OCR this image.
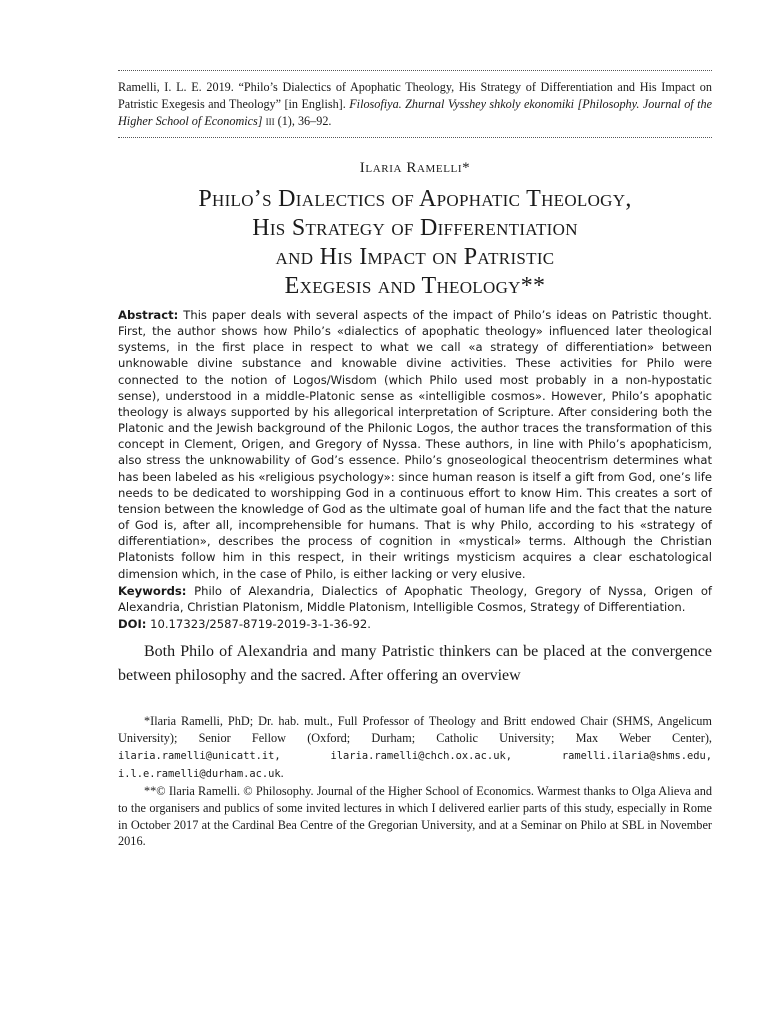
Ramelli, I. L. E. 2019. “Philo’s Dialectics of Apophatic Theology, His Strategy of Differentiation and His Impact on Patristic Exegesis and Theology” [in English]. Filosofiya. Zhurnal Vysshey shkoly ekonomiki [Philosophy. Journal of the Higher School of Economics] iii (1), 36–92.
Ilaria Ramelli*
Philo’s Dialectics of Apophatic Theology,
His Strategy of Differentiation
and His Impact on Patristic
Exegesis and Theology**
Abstract: This paper deals with several aspects of the impact of Philo’s ideas on Patristic thought. First, the author shows how Philo’s «dialectics of apophatic theology» influenced later theological systems, in the first place in respect to what we call «a strategy of differentiation» between unknowable divine substance and knowable divine activities. These activities for Philo were connected to the notion of Logos/Wisdom (which Philo used most probably in a non-hypostatic sense), understood in a middle-Platonic sense as «intelligible cosmos». However, Philo’s apophatic theology is always supported by his allegorical interpretation of Scripture. After considering both the Platonic and the Jewish background of the Philonic Logos, the author traces the transformation of this concept in Clement, Origen, and Gregory of Nyssa. These authors, in line with Philo’s apophaticism, also stress the unknowability of God’s essence. Philo’s gnoseological theocentrism determines what has been labeled as his «religious psychology»: since human reason is itself a gift from God, one’s life needs to be dedicated to worshipping God in a continuous effort to know Him. This creates a sort of tension between the knowledge of God as the ultimate goal of human life and the fact that the nature of God is, after all, incomprehensible for humans. That is why Philo, according to his «strategy of differentiation», describes the process of cognition in «mystical» terms. Although the Christian Platonists follow him in this respect, in their writings mysticism acquires a clear eschatological dimension which, in the case of Philo, is either lacking or very elusive.
Keywords: Philo of Alexandria, Dialectics of Apophatic Theology, Gregory of Nyssa, Origen of Alexandria, Christian Platonism, Middle Platonism, Intelligible Cosmos, Strategy of Differentiation.
DOI: 10.17323/2587-8719-2019-3-1-36-92.
Both Philo of Alexandria and many Patristic thinkers can be placed at the convergence between philosophy and the sacred. After offering an overview

*Ilaria Ramelli, PhD; Dr. hab. mult., Full Professor of Theology and Britt endowed Chair (SHMS, Angelicum University); Senior Fellow (Oxford; Durham; Catholic University; Max Weber Center), ilaria.ramelli@unicatt.it, ilaria.ramelli@chch.ox.ac.uk, ramelli.ilaria@shms.edu, i.l.e.ramelli@durham.ac.uk.

**© Ilaria Ramelli. © Philosophy. Journal of the Higher School of Economics. Warmest thanks to Olga Alieva and to the organisers and publics of some invited lectures in which I delivered earlier parts of this study, especially in Rome in October 2017 at the Cardinal Bea Centre of the Gregorian University, and at a Seminar on Philo at SBL in November 2016.
